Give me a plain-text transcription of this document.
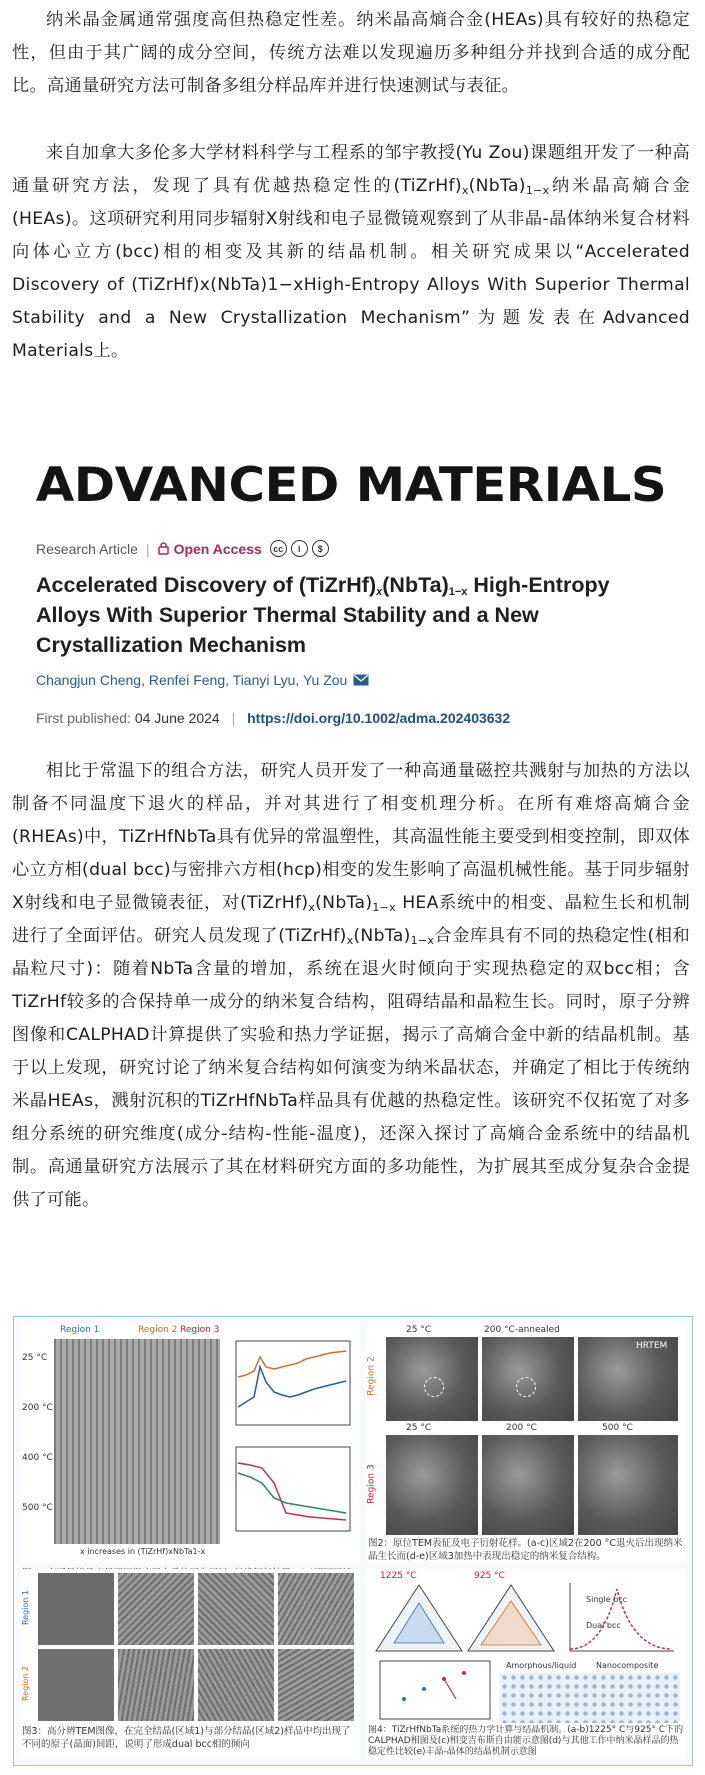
纳米晶金属通常强度高但热稳定性差。纳米晶高熵合金(HEAs)具有较好的热稳定性，但由于其广阔的成分空间，传统方法难以发现遍历多种组分并找到合适的成分配比。高通量研究方法可制备多组分样品库并进行快速测试与表征。

来自加拿大多伦多大学材料科学与工程系的邹宇教授(Yu Zou)课题组开发了一种高通量研究方法，发现了具有优越热稳定性的$(TiZrHf)_x(NbTa)_{1-x}$纳米晶高熵合金(HEAs)。这项研究利用同步辐射X射线和电子显微镜观察到了从非晶-晶体纳米复合材料向体心立方(bcc)相的相变及其新的结晶机制。相关研究成果以“Accelerated Discovery of (TiZrHf)x(NbTa)1−xHigh-Entropy Alloys With Superior Thermal Stability and a New Crystallization Mechanism”为题发表在Advanced Materials上。

ADVANCED MATERIALS
Research Article | Open Access	cc	i	$
Accelerated Discovery of $(TiZrHf)_x(NbTa)_{1-x}$ High-Entropy Alloys With Superior Thermal Stability and a New Crystallization Mechanism
Changjun Cheng, Renfei Feng, Tianyi Lyu, Yu Zou
First published: 04 June 2024 | https://doi.org/10.1002/adma.202403632

相比于常温下的组合方法，研究人员开发了一种高通量磁控共溅射与加热的方法以制备不同温度下退火的样品，并对其进行了相变机理分析。在所有难熔高熵合金(RHEAs)中，TiZrHfNbTa具有优异的常温塑性，其高温性能主要受到相变控制，即双体心立方相(dual bcc)与密排六方相(hcp)相变的发生影响了高温机械性能。基于同步辐射X射线和电子显微镜表征，对$(TiZrHf)_x(NbTa)_{1-x}$ HEA系统中的相变、晶粒生长和机制进行了全面评估。研究人员发现了$(TiZrHf)_x(NbTa)_{1-x}$合金库具有不同的热稳定性(相和晶粒尺寸)：随着NbTa含量的增加，系统在退火时倾向于实现热稳定的双bcc相；含TiZrHf较多的合保持单一成分的纳米复合结构，阻碍结晶和晶粒生长。同时，原子分辨图像和CALPHAD计算提供了实验和热力学证据，揭示了高熵合金中新的结晶机制。基于以上发现，研究讨论了纳米复合结构如何演变为纳米晶状态，并确定了相比于传统纳米晶HEAs，溅射沉积的TiZrHfNbTa样品具有优越的热稳定性。该研究不仅拓宽了对多组分系统的研究维度(成分-结构-性能-温度)，还深入探讨了高熵合金系统中的结晶机制。高通量研究方法展示了其在材料研究方面的多功能性，为扩展其至成分复杂合金提供了可能。

Region 1	Region 2 Region 3
25 °C
200 °C
400 °C
500 °C
x increases in (TiZrHf)xNbTa1-x
25 °C	200 °C-annealed
HRTEM
25 °C	200 °C	500 °C
Region 2
Region 3
图2：原位TEM表征及电子衍射花样。(a-c)区域2在200 °C退火后出现纳米晶生长而(d-e)区域3加热中表现出稳定的纳米复合结构。
Region 1
Region 2
图3：高分辨TEM图像，在完全结晶(区域1)与部分结晶(区域2)样品中均出现了不同的原子(晶面)间距，说明了形成dual bcc相的倾向
1225 °C	925 °C
Single bcc
Dual bcc
Amorphous/liquid Nanocomposite
图4：TiZrHfNbTa系统的热力学计算与结晶机制。(a-b)1225° C与925° C下的CALPHAD相图及(c)相变吉布斯自由能示意图(d)与其他工作中纳米晶样品的热稳定性比较(e)丰晶-晶体的结晶机制示意图
